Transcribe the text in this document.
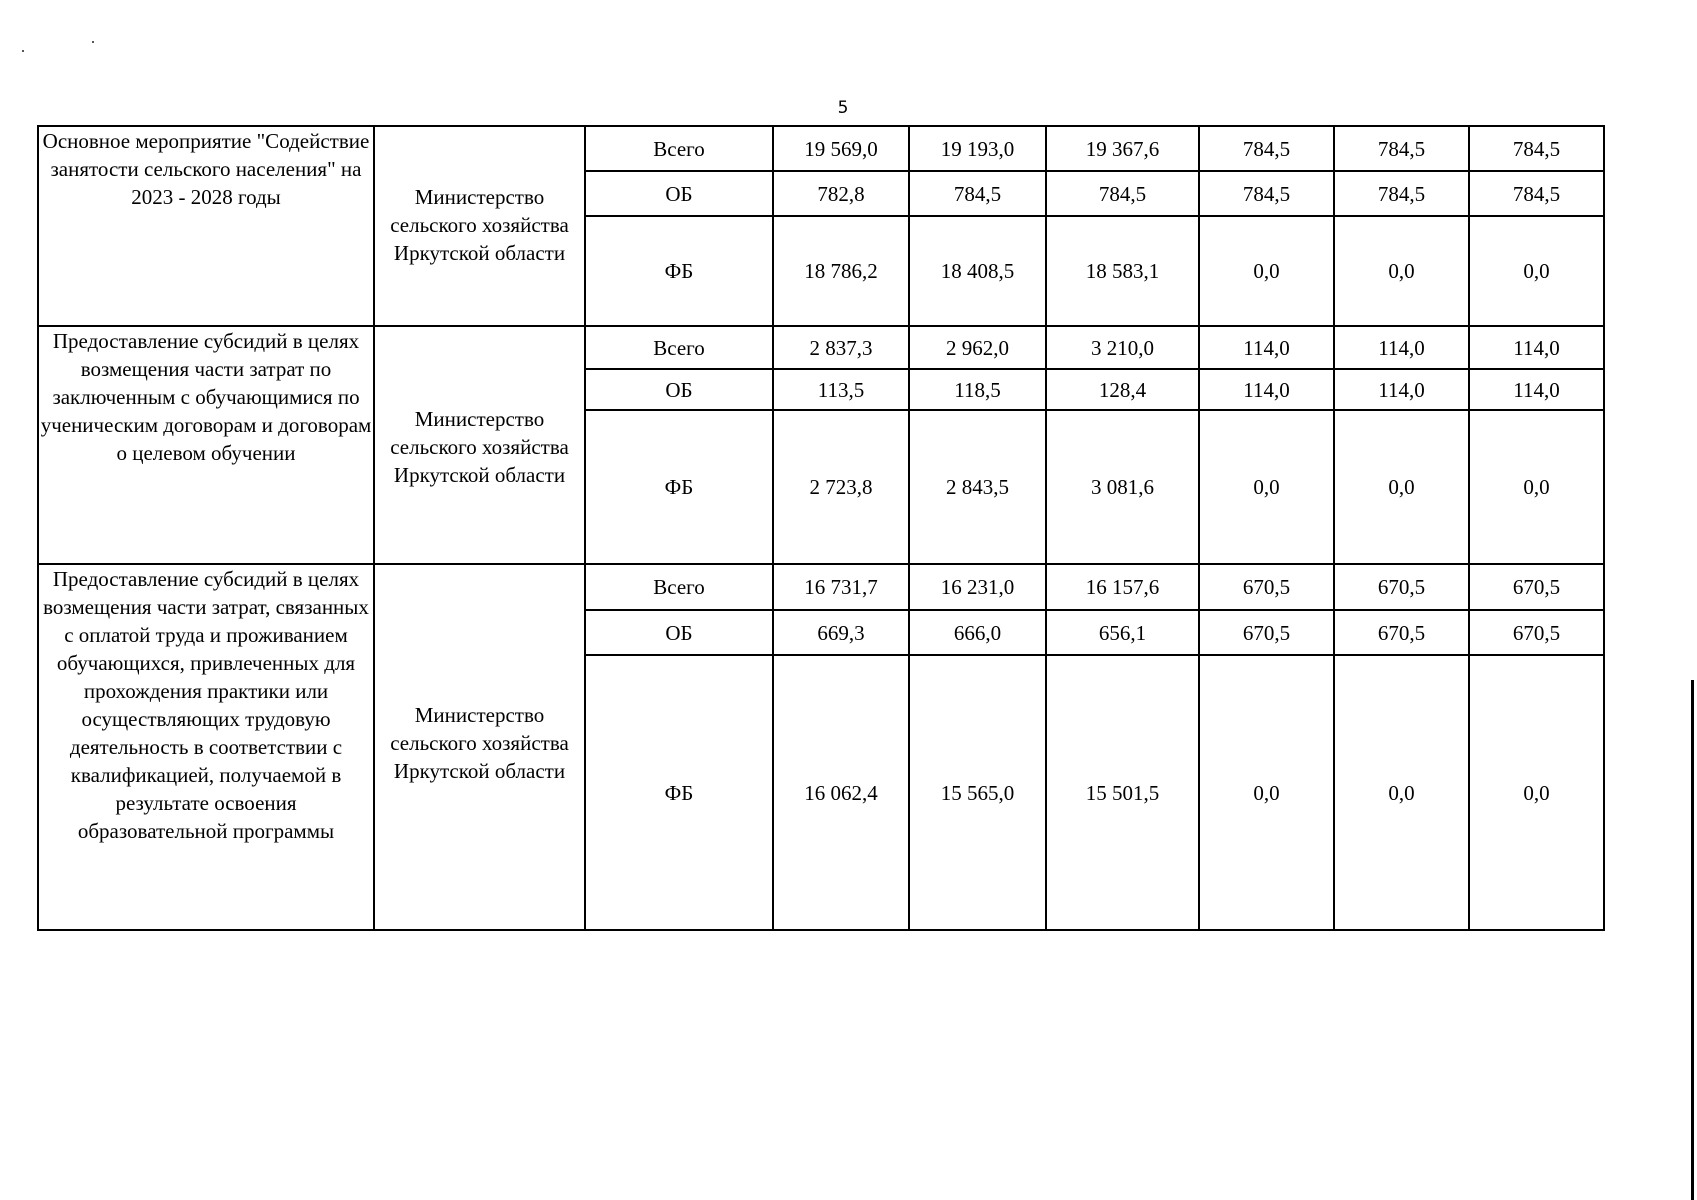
5
Основное мероприятие "Содействие занятости сельского населения" на 2023 - 2028 годы	Министерство сельского хозяйства Иркутской области	Всего	19 569,0	19 193,0	19 367,6	784,5	784,5	784,5
		ОБ	782,8	784,5	784,5	784,5	784,5	784,5
		ФБ	18 786,2	18 408,5	18 583,1	0,0	0,0	0,0
Предоставление субсидий в целях возмещения части затрат по заключенным с обучающимися по ученическим договорам и договорам о целевом обучении	Министерство сельского хозяйства Иркутской области	Всего	2 837,3	2 962,0	3 210,0	114,0	114,0	114,0
		ОБ	113,5	118,5	128,4	114,0	114,0	114,0
		ФБ	2 723,8	2 843,5	3 081,6	0,0	0,0	0,0
Предоставление субсидий в целях возмещения части затрат, связанных с оплатой труда и проживанием обучающихся, привлеченных для прохождения практики или осуществляющих трудовую деятельность в соответствии с квалификацией, получаемой в результате освоения образовательной программы	Министерство сельского хозяйства Иркутской области	Всего	16 731,7	16 231,0	16 157,6	670,5	670,5	670,5
		ОБ	669,3	666,0	656,1	670,5	670,5	670,5
		ФБ	16 062,4	15 565,0	15 501,5	0,0	0,0	0,0
